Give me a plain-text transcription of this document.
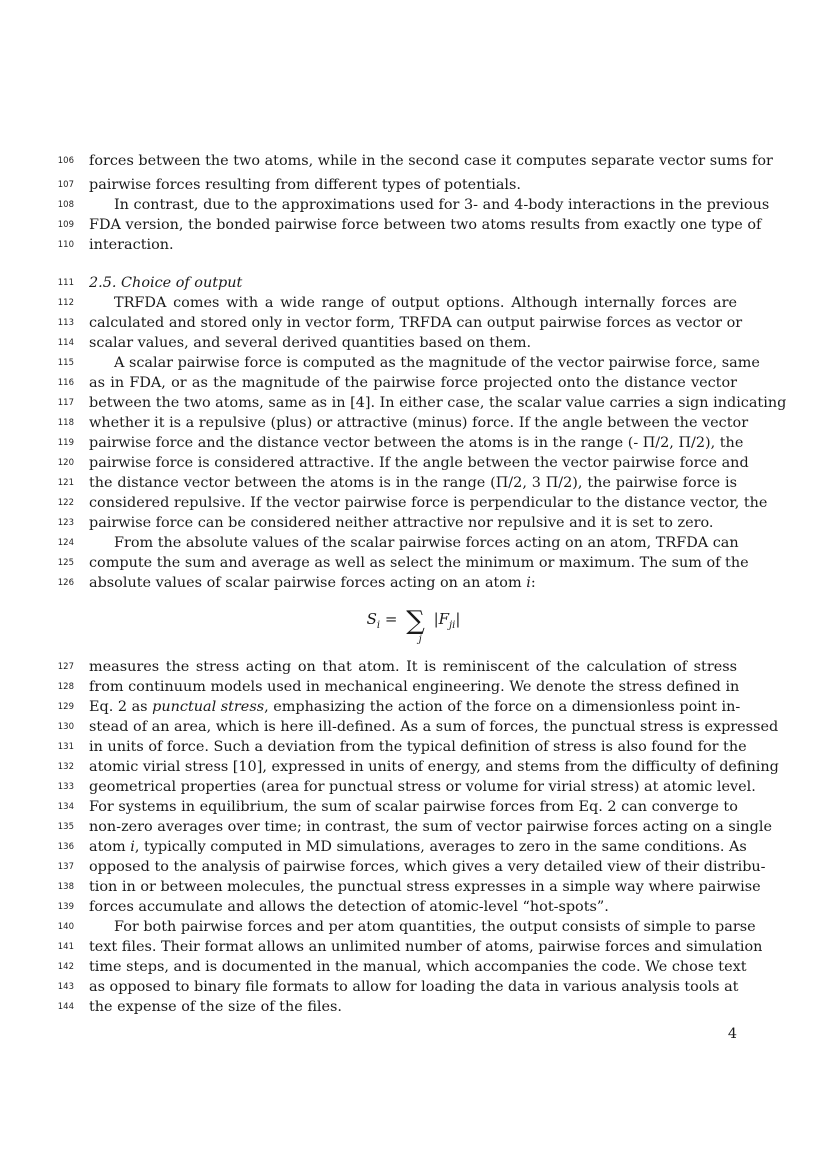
111 2.5. Choice of output
126 absolute values of scalar pairwise forces acting on an atom i:
$S_i$ = ∑ $|F_{ji}|$
j
129 Eq. 2 as punctual stress, emphasizing the action of the force on a dimensionless point in-
136 atom i, typically computed in MD simulations, averages to zero in the same conditions. As
4
106 forces between the two atoms, while in the second case it computes separate vector sums for
107 pairwise forces resulting from different types of potentials.
108	In contrast, due to the approximations used for 3- and 4-body interactions in the previous
109 FDA version, the bonded pairwise force between two atoms results from exactly one type of
110 interaction.
112	TRFDA comes with a wide range of output options. Although internally forces are
113 calculated and stored only in vector form, TRFDA can output pairwise forces as vector or
114 scalar values, and several derived quantities based on them.
115	A scalar pairwise force is computed as the magnitude of the vector pairwise force, same
116 as in FDA, or as the magnitude of the pairwise force projected onto the distance vector
117 between the two atoms, same as in [4]. In either case, the scalar value carries a sign indicating
118 whether it is a repulsive (plus) or attractive (minus) force. If the angle between the vector
119 pairwise force and the distance vector between the atoms is in the range (- Π/2, Π/2), the
120 pairwise force is considered attractive. If the angle between the vector pairwise force and
121 the distance vector between the atoms is in the range (Π/2, 3 Π/2), the pairwise force is
122 considered repulsive. If the vector pairwise force is perpendicular to the distance vector, the
123 pairwise force can be considered neither attractive nor repulsive and it is set to zero.
124	From the absolute values of the scalar pairwise forces acting on an atom, TRFDA can
125 compute the sum and average as well as select the minimum or maximum. The sum of the
127 measures the stress acting on that atom. It is reminiscent of the calculation of stress
128 from continuum models used in mechanical engineering. We denote the stress defined in
130 stead of an area, which is here ill-defined. As a sum of forces, the punctual stress is expressed
131 in units of force. Such a deviation from the typical definition of stress is also found for the
132 atomic virial stress [10], expressed in units of energy, and stems from the difficulty of defining
133 geometrical properties (area for punctual stress or volume for virial stress) at atomic level.
134 For systems in equilibrium, the sum of scalar pairwise forces from Eq. 2 can converge to
135 non-zero averages over time; in contrast, the sum of vector pairwise forces acting on a single
137 opposed to the analysis of pairwise forces, which gives a very detailed view of their distribu-
138 tion in or between molecules, the punctual stress expresses in a simple way where pairwise
139 forces accumulate and allows the detection of atomic-level “hot-spots”.
140	For both pairwise forces and per atom quantities, the output consists of simple to parse
141 text files. Their format allows an unlimited number of atoms, pairwise forces and simulation
142 time steps, and is documented in the manual, which accompanies the code. We chose text
143 as opposed to binary file formats to allow for loading the data in various analysis tools at
144 the expense of the size of the files.
